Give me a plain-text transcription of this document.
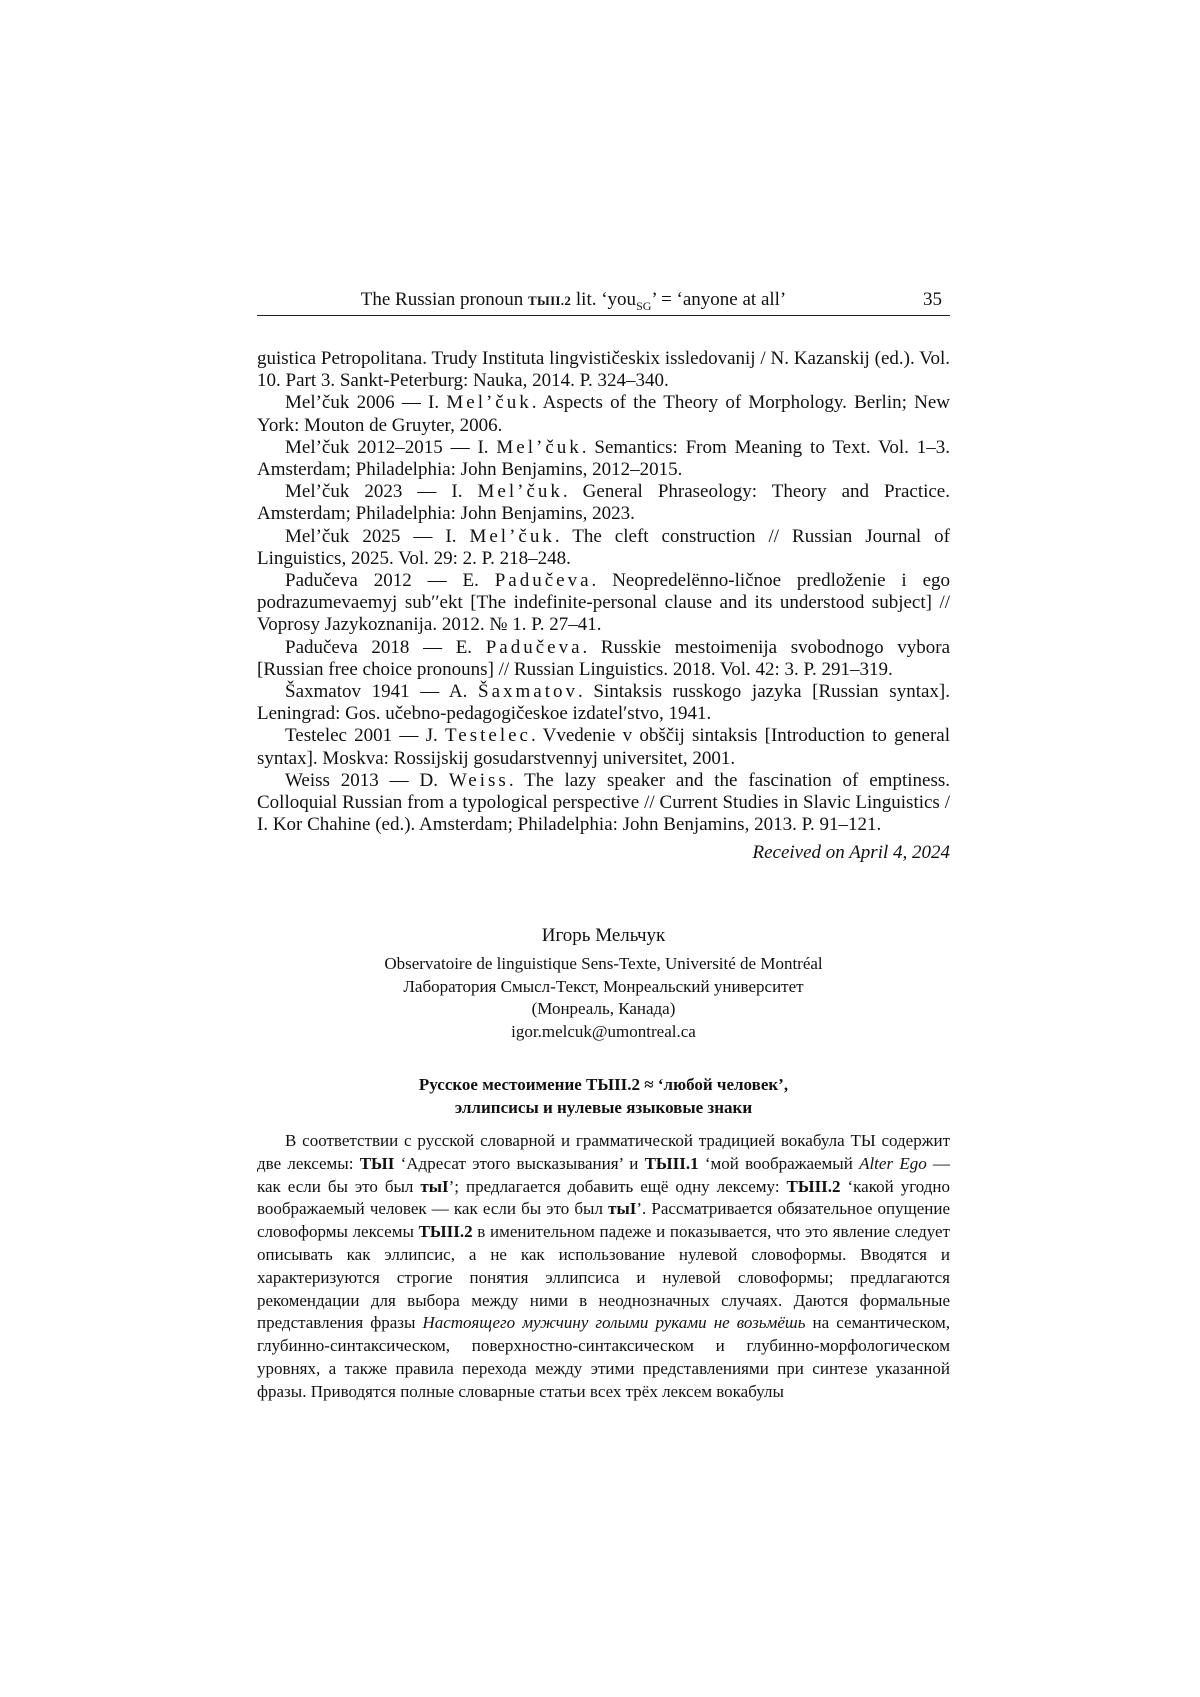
The Russian pronoun ТЫII.2 lit. ‘you$_{SG}$’ = ‘anyone at all’	35

guistica Petropolitana. Trudy Instituta lingvističeskix issledovanij / N. Kazanskij (ed.). Vol. 10. Part 3. Sankt-Peterburg: Nauka, 2014. P. 324–340.

Mel’čuk 2006 — I. Mel’čuk. Aspects of the Theory of Morphology. Berlin; New York: Mouton de Gruyter, 2006.

Mel’čuk 2012–2015 — I. Mel’čuk. Semantics: From Meaning to Text. Vol. 1–3. Amsterdam; Philadelphia: John Benjamins, 2012–2015.

Mel’čuk 2023 — I. Mel’čuk. General Phraseology: Theory and Practice. Amsterdam; Philadelphia: John Benjamins, 2023.

Mel’čuk 2025 — I. Mel’čuk. The cleft construction // Russian Journal of Linguistics, 2025. Vol. 29: 2. P. 218–248.

Padučeva 2012 — E. Padučeva. Neopredelënno-ličnoe predloženie i ego podrazumevaemyj sub′′ekt [The indefinite-personal clause and its understood subject] // Voprosy Jazykoznanija. 2012. № 1. P. 27–41.

Padučeva 2018 — E. Padučeva. Russkie mestoimenija svobodnogo vybora [Russian free choice pronouns] // Russian Linguistics. 2018. Vol. 42: 3. P. 291–319.

Šaxmatov 1941 — A. Šaxmatov. Sintaksis russkogo jazyka [Russian syntax]. Leningrad: Gos. učebno-pedagogičeskoe izdatel′stvo, 1941.

Testelec 2001 — J. Testelec. Vvedenie v obščij sintaksis [Introduction to general syntax]. Moskva: Rossijskij gosudarstvennyj universitet, 2001.

Weiss 2013 — D. Weiss. The lazy speaker and the fascination of emptiness. Colloquial Russian from a typological perspective // Current Studies in Slavic Linguistics / I. Kor Chahine (ed.). Amsterdam; Philadelphia: John Benjamins, 2013. P. 91–121.

Received on April 4, 2024
Игорь Мельчук
Observatoire de linguistique Sens-Texte, Université de Montréal
Лаборатория Смысл-Текст, Монреальский университет
(Монреаль, Канада)
igor.melcuk@umontreal.ca
Русское местоимение ТЫII.2 ≈ ‘любой человек’,
эллипсисы и нулевые языковые знаки

В соответствии с русской словарной и грамматической традицией вокабула ТЫ содержит две лексемы: ТЫI ‘Адресат этого высказывания’ и ТЫII.1 ‘мой воображаемый Alter Ego — как если бы это был тыI’; предлагается добавить ещё одну лексему: ТЫII.2 ‘какой угодно воображаемый человек — как если бы это был тыI’. Рассматривается обязательное опущение словоформы лексемы ТЫII.2 в именительном падеже и показывается, что это явление следует описывать как эллипсис, а не как использование нулевой словоформы. Вводятся и характеризуются строгие понятия эллипсиса и нулевой словоформы; предлагаются рекомендации для выбора между ними в неоднозначных случаях. Даются формальные представления фразы Настоящего мужчину голыми руками не возьмёшь на семантическом, глубинно-синтаксическом, поверхностно-синтаксическом и глубинно-морфологическом уровнях, а также правила перехода между этими представлениями при синтезе указанной фразы. Приводятся полные словарные статьи всех трёх лексем вокабулы
